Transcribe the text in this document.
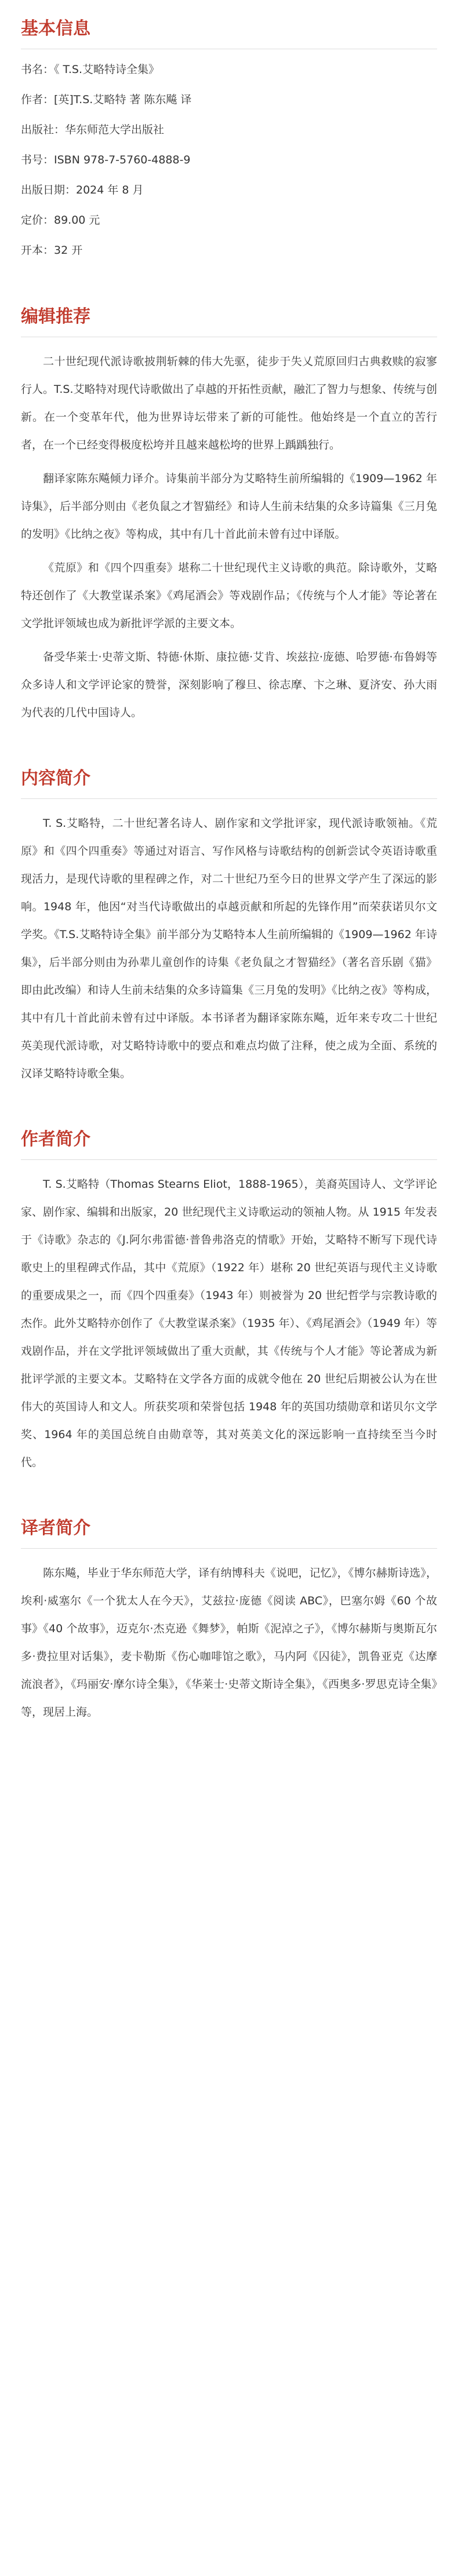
基本信息
书名：《 T.S.艾略特诗全集》
作者：[英]T.S.艾略特 著 陈东飚 译
出版社：华东师范大学出版社
书号：ISBN 978-7-5760-4888-9
出版日期：2024 年 8 月
定价：89.00 元
开本：32 开
编辑推荐

二十世纪现代派诗歌披荆斩棘的伟大先驱，徒步于失乂荒原回归古典救赎的寂寥行人。T.S.艾略特对现代诗歌做出了卓越的开拓性贡献，融汇了智力与想象、传统与创新。在一个变革年代，他为世界诗坛带来了新的可能性。他始终是一个直立的苦行者，在一个已经变得极度松垮并且越来越松垮的世界上踽踽独行。

翻译家陈东飚倾力译介。诗集前半部分为艾略特生前所编辑的《1909—1962 年诗集》，后半部分则由《老负鼠之才智猫经》和诗人生前未结集的众多诗篇集《三月兔的发明》《比纳之夜》等构成，其中有几十首此前未曾有过中译版。

《荒原》和《四个四重奏》堪称二十世纪现代主义诗歌的典范。除诗歌外，艾略特还创作了《大教堂谋杀案》《鸡尾酒会》等戏剧作品；《传统与个人才能》等论著在文学批评领域也成为新批评学派的主要文本。

备受华莱士·史蒂文斯、特德·休斯、康拉德·艾肯、埃兹拉·庞德、哈罗德·布鲁姆等众多诗人和文学评论家的赞誉，深刻影响了穆旦、徐志摩、卞之琳、夏济安、孙大雨为代表的几代中国诗人。

内容简介

T. S.艾略特，二十世纪著名诗人、剧作家和文学批评家，现代派诗歌领袖。《荒原》和《四个四重奏》等通过对语言、写作风格与诗歌结构的创新尝试令英语诗歌重现活力，是现代诗歌的里程碑之作，对二十世纪乃至今日的世界文学产生了深远的影响。1948 年，他因“对当代诗歌做出的卓越贡献和所起的先锋作用”而荣获诺贝尔文学奖。《T.S.艾略特诗全集》前半部分为艾略特本人生前所编辑的《1909—1962 年诗集》，后半部分则由为孙辈儿童创作的诗集《老负鼠之才智猫经》（著名音乐剧《猫》即由此改编）和诗人生前未结集的众多诗篇集《三月兔的发明》《比纳之夜》等构成，其中有几十首此前未曾有过中译版。本书译者为翻译家陈东飚，近年来专攻二十世纪英美现代派诗歌，对艾略特诗歌中的要点和难点均做了注释，使之成为全面、系统的汉译艾略特诗歌全集。

作者简介

T. S.艾略特（Thomas Stearns Eliot，1888-1965），美裔英国诗人、文学评论家、剧作家、编辑和出版家，20 世纪现代主义诗歌运动的领袖人物。从 1915 年发表于《诗歌》杂志的《J.阿尔弗雷德·普鲁弗洛克的情歌》开始，艾略特不断写下现代诗歌史上的里程碑式作品，其中《荒原》（1922 年）堪称 20 世纪英语与现代主义诗歌的重要成果之一，而《四个四重奏》（1943 年）则被誉为 20 世纪哲学与宗教诗歌的杰作。此外艾略特亦创作了《大教堂谋杀案》（1935 年）、《鸡尾酒会》（1949 年）等戏剧作品，并在文学批评领域做出了重大贡献，其《传统与个人才能》等论著成为新批评学派的主要文本。艾略特在文学各方面的成就令他在 20 世纪后期被公认为在世伟大的英国诗人和文人。所获奖项和荣誉包括 1948 年的英国功绩勋章和诺贝尔文学奖、1964 年的美国总统自由勋章等，其对英美文化的深远影响一直持续至当今时代。

译者简介

陈东飚，毕业于华东师范大学，译有纳博科夫《说吧，记忆》，《博尔赫斯诗选》，埃利·威塞尔《一个犹太人在今天》，艾兹拉·庞德《阅读 ABC》，巴塞尔姆《60 个故事》《40 个故事》，迈克尔·杰克逊《舞梦》，帕斯《泥淖之子》，《博尔赫斯与奥斯瓦尔多·费拉里对话集》，麦卡勒斯《伤心咖啡馆之歌》，马内阿《囚徒》，凯鲁亚克《达摩流浪者》，《玛丽安·摩尔诗全集》，《华莱士·史蒂文斯诗全集》，《西奥多·罗思克诗全集》等，现居上海。
